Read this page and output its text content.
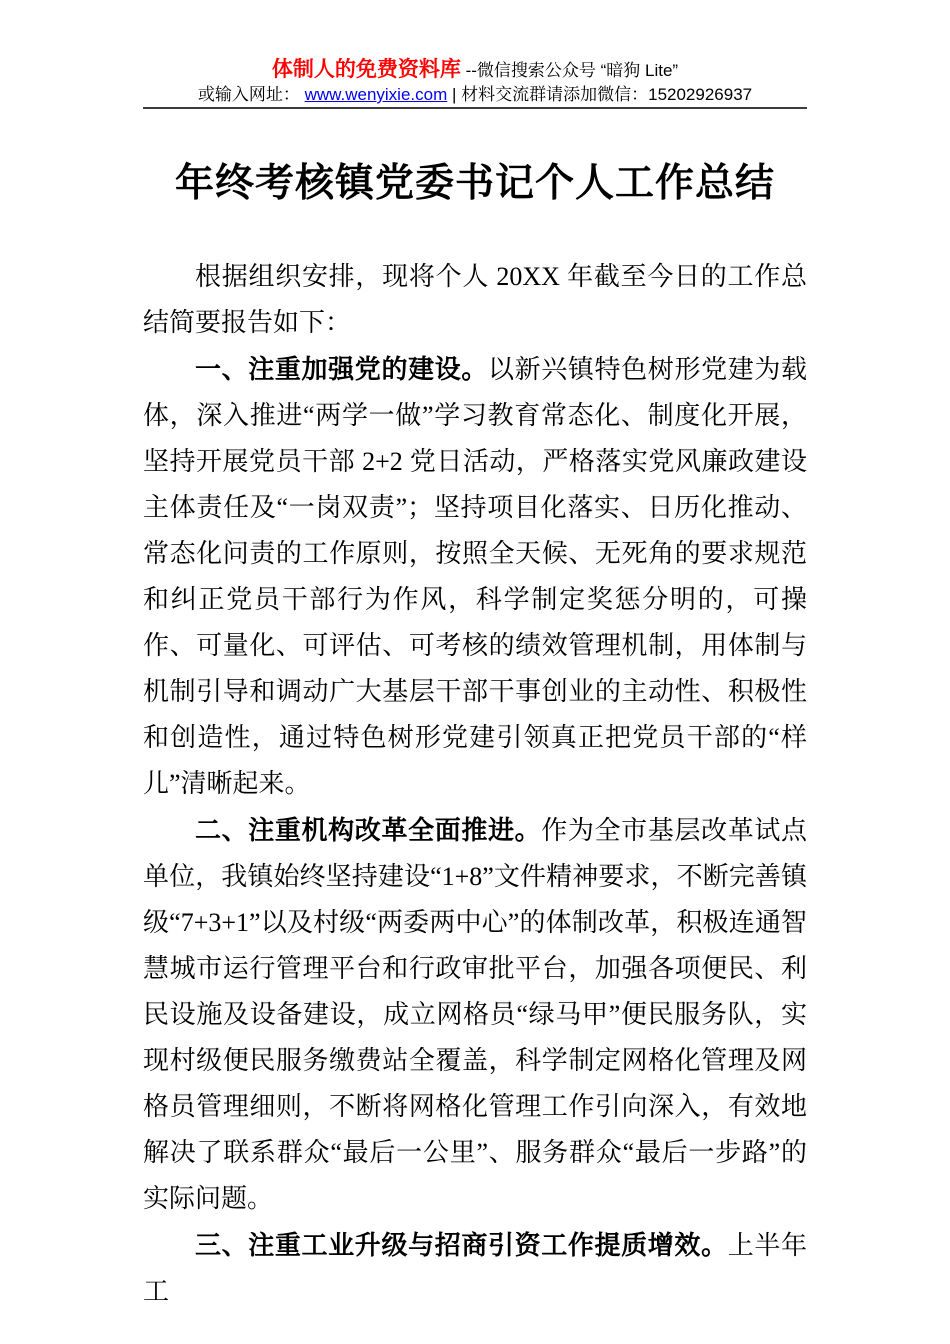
体制人的免费资料库 --微信搜索公众号 “暗狗 Lite”
或输入网址： www.wenyixie.com | 材料交流群请添加微信：15202926937
年终考核镇党委书记个人工作总结

根据组织安排，现将个人 20XX 年截至今日的工作总结简要报告如下：

一、注重加强党的建设。以新兴镇特色树形党建为载体，深入推进“两学一做”学习教育常态化、制度化开展，坚持开展党员干部 2+2 党日活动，严格落实党风廉政建设主体责任及“一岗双责”；坚持项目化落实、日历化推动、常态化问责的工作原则，按照全天候、无死角的要求规范和纠正党员干部行为作风，科学制定奖惩分明的，可操作、可量化、可评估、可考核的绩效管理机制，用体制与机制引导和调动广大基层干部干事创业的主动性、积极性和创造性，通过特色树形党建引领真正把党员干部的“样儿”清晰起来。

二、注重机构改革全面推进。作为全市基层改革试点单位，我镇始终坚持建设“1+8”文件精神要求，不断完善镇级“7+3+1”以及村级“两委两中心”的体制改革，积极连通智慧城市运行管理平台和行政审批平台，加强各项便民、利民设施及设备建设，成立网格员“绿马甲”便民服务队，实现村级便民服务缴费站全覆盖，科学制定网格化管理及网格员管理细则，不断将网格化管理工作引向深入，有效地解决了联系群众“最后一公里”、服务群众“最后一步路”的实际问题。

三、注重工业升级与招商引资工作提质增效。上半年工
